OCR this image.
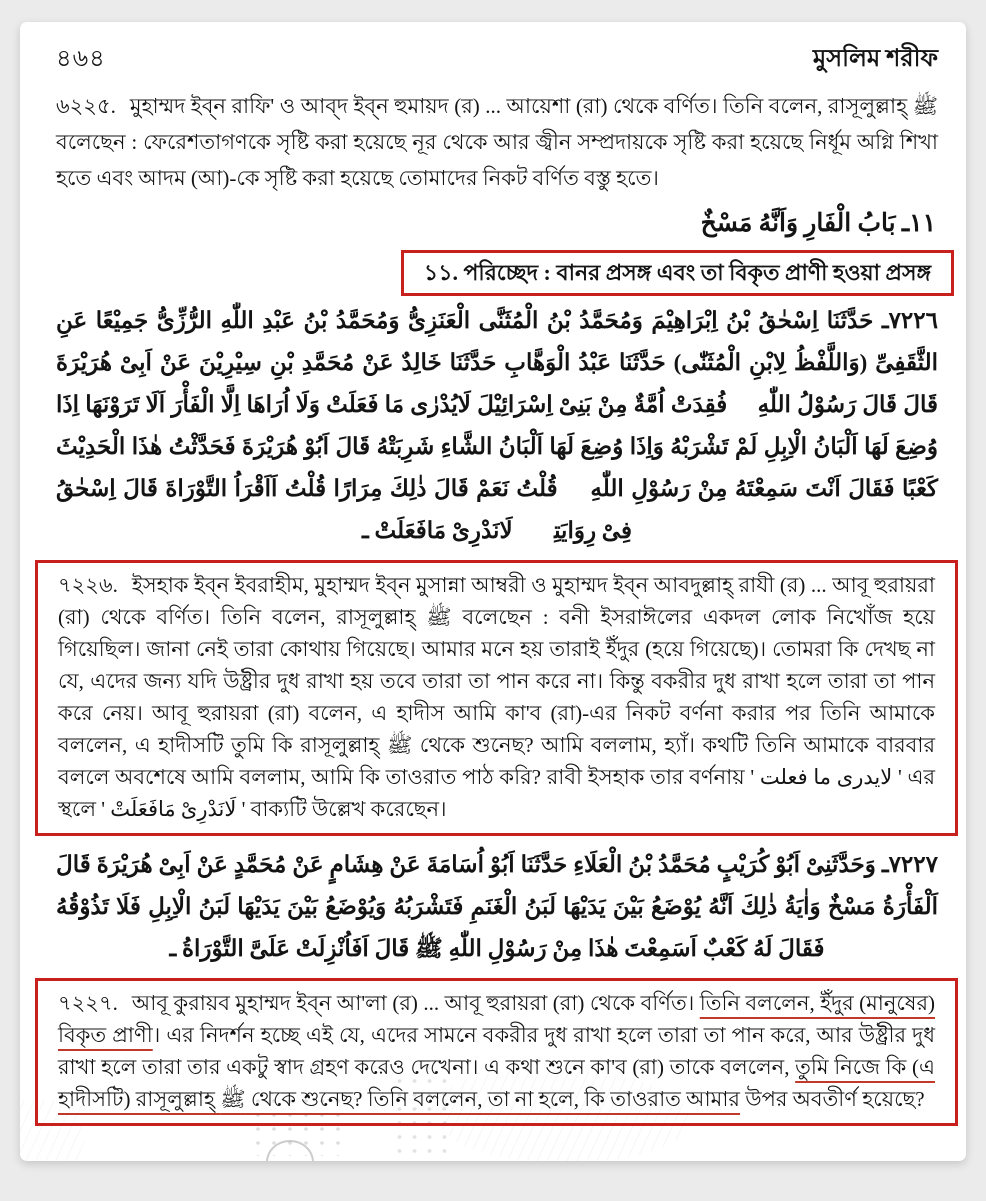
৪৬৪	মুসলিম শরীফ

৬২২৫. মুহাম্মদ ইব্‌ন রাফি' ও আব্‌দ ইব্‌ন হুমায়দ (র) ... আয়েশা (রা) থেকে বর্ণিত। তিনি বলেন, রাসূলুল্লাহ্ ﷺ বলেছেন : ফেরেশতাগণকে সৃষ্টি করা হয়েছে নূর থেকে আর জ্বীন সম্প্রদায়কে সৃষ্টি করা হয়েছে নির্ধূম অগ্নি শিখা হতে এবং আদম (আ)-কে সৃষ্টি করা হয়েছে তোমাদের নিকট বর্ণিত বস্তু হতে।

١١ـ بَابُ الْفَارِ وَاَنَّهُ مَسْخٌ

১১. পরিচ্ছেদ : বানর প্রসঙ্গ এবং তা বিকৃত প্রাণী হওয়া প্রসঙ্গ

٧٢٢٦ـ حَدَّثَنَا اِسْحٰقُ بْنُ اِبْرَاهِيْمَ وَمُحَمَّدُ بْنُ الْمُثَنَّى الْعَنَزِىُّ وَمُحَمَّدُ بْنُ عَبْدِ اللّٰهِ الرُّزِّىُّ جَمِيْعًا عَنِ الثَّقَفِىِّ (وَاللَّفْظُ لِابْنِ الْمُثَنّٰى) حَدَّثَنَا عَبْدُ الْوَهَّابِ حَدَّثَنَا خَالِدٌ عَنْ مُحَمَّدِ بْنِ سِيْرِيْنَ عَنْ اَبِىْ هُرَيْرَةَ قَالَ قَالَ رَسُوْلُ اللّٰهِ ﷺ فُقِدَتْ اُمَّةٌ مِنْ بَنِىْ اِسْرَائِيْلَ لَايُدْرٰى مَا فَعَلَتْ وَلَا اُرَاهَا اِلَّا الْفَأْرَ اَلَا تَرَوْنَهَا اِذَا وُضِعَ لَهَا اَلْبَانُ الْاِبِلِ لَمْ تَشْرَبْهُ وَاِذَا وُضِعَ لَهَا اَلْبَانُ الشَّاءِ شَرِبَتْهُ قَالَ اَبُوْ هُرَيْرَةَ فَحَدَّثْتُ هٰذَا الْحَدِيْثَ كَعْبًا فَقَالَ اَنْتَ سَمِعْتَهُ مِنْ رَسُوْلِ اللّٰهِ ﷺ قُلْتُ نَعَمْ قَالَ ذٰلِكَ مِرَارًا قُلْتُ اَاَقْرَاُ التَّوْرَاةَ قَالَ اِسْحٰقُ فِىْ رِوَايَتِهٖ لَانَدْرِىْ مَافَعَلَتْ ـ

৭২২৬. ইসহাক ইব্‌ন ইবরাহীম, মুহাম্মদ ইব্‌ন মুসান্না আম্বরী ও মুহাম্মদ ইব্‌ন আবদুল্লাহ্ রাযী (র) ... আবূ হুরায়রা (রা) থেকে বর্ণিত। তিনি বলেন, রাসূলুল্লাহ্ ﷺ বলেছেন : বনী ইসরাঈলের একদল লোক নিখোঁজ হয়ে গিয়েছিল। জানা নেই তারা কোথায় গিয়েছে। আমার মনে হয় তারাই ইঁদুর (হয়ে গিয়েছে)। তোমরা কি দেখছ না যে, এদের জন্য যদি উষ্ট্রীর দুধ রাখা হয় তবে তারা তা পান করে না। কিন্তু বকরীর দুধ রাখা হলে তারা তা পান করে নেয়। আবূ হুরায়রা (রা) বলেন, এ হাদীস আমি কা'ব (রা)-এর নিকট বর্ণনা করার পর তিনি আমাকে বললেন, এ হাদীসটি তুমি কি রাসূলুল্লাহ্ ﷺ থেকে শুনেছ? আমি বললাম, হ্যাঁ। কথটি তিনি আমাকে বারবার বললে অবশেষে আমি বললাম, আমি কি তাওরাত পাঠ করি? রাবী ইসহাক তার বর্ণনায় ' لايدرى ما فعلت ' এর স্থলে ' لَانَدْرِىْ مَافَعَلَتْ ' বাক্যটি উল্লেখ করেছেন।

٧٢٢٧ـ وَحَدَّثَنِىْ اَبُوْ كُرَيْبٍ مُحَمَّدُ بْنُ الْعَلَاءِ حَدَّثَنَا اَبُوْ اُسَامَةَ عَنْ هِشَامٍ عَنْ مُحَمَّدٍ عَنْ اَبِىْ هُرَيْرَةَ قَالَ اَلْفَأْرَةُ مَسْخٌ وَاٰيَةُ ذٰلِكَ اَنَّهُ يُوْضَعُ بَيْنَ يَدَيْهَا لَبَنُ الْغَنَمِ فَتَشْرَبُهُ وَيُوْضَعُ بَيْنَ يَدَيْهَا لَبَنُ الْاِبِلِ فَلَا تَذُوْقُهُ فَقَالَ لَهُ كَعْبٌ اَسَمِعْتَ هٰذَا مِنْ رَسُوْلِ اللّٰهِ ﷺ قَالَ اَفَاُنْزِلَتْ عَلَىَّ التَّوْرَاةُ ـ

৭২২৭. আবূ কুরায়ব মুহাম্মদ ইব্‌ন আ'লা (র) ... আবূ হুরায়রা (রা) থেকে বর্ণিত। তিনি বললেন, ইঁদুর (মানুষের) বিকৃত প্রাণী। এর নিদর্শন হচ্ছে এই যে, এদের সামনে বকরীর দুধ রাখা হলে তারা তা পান করে, আর উষ্ট্রীর দুধ রাখা হলে তারা তার একটু স্বাদ গ্রহণ করেও দেখেনা। এ কথা শুনে কা'ব (রা) তাকে বললেন, তুমি নিজে কি (এ হাদীসটি) রাসূলুল্লাহ্ ﷺ থেকে শুনেছ? তিনি বললেন, তা না হলে, কি তাওরাত আমার উপর অবতীর্ণ হয়েছে?
